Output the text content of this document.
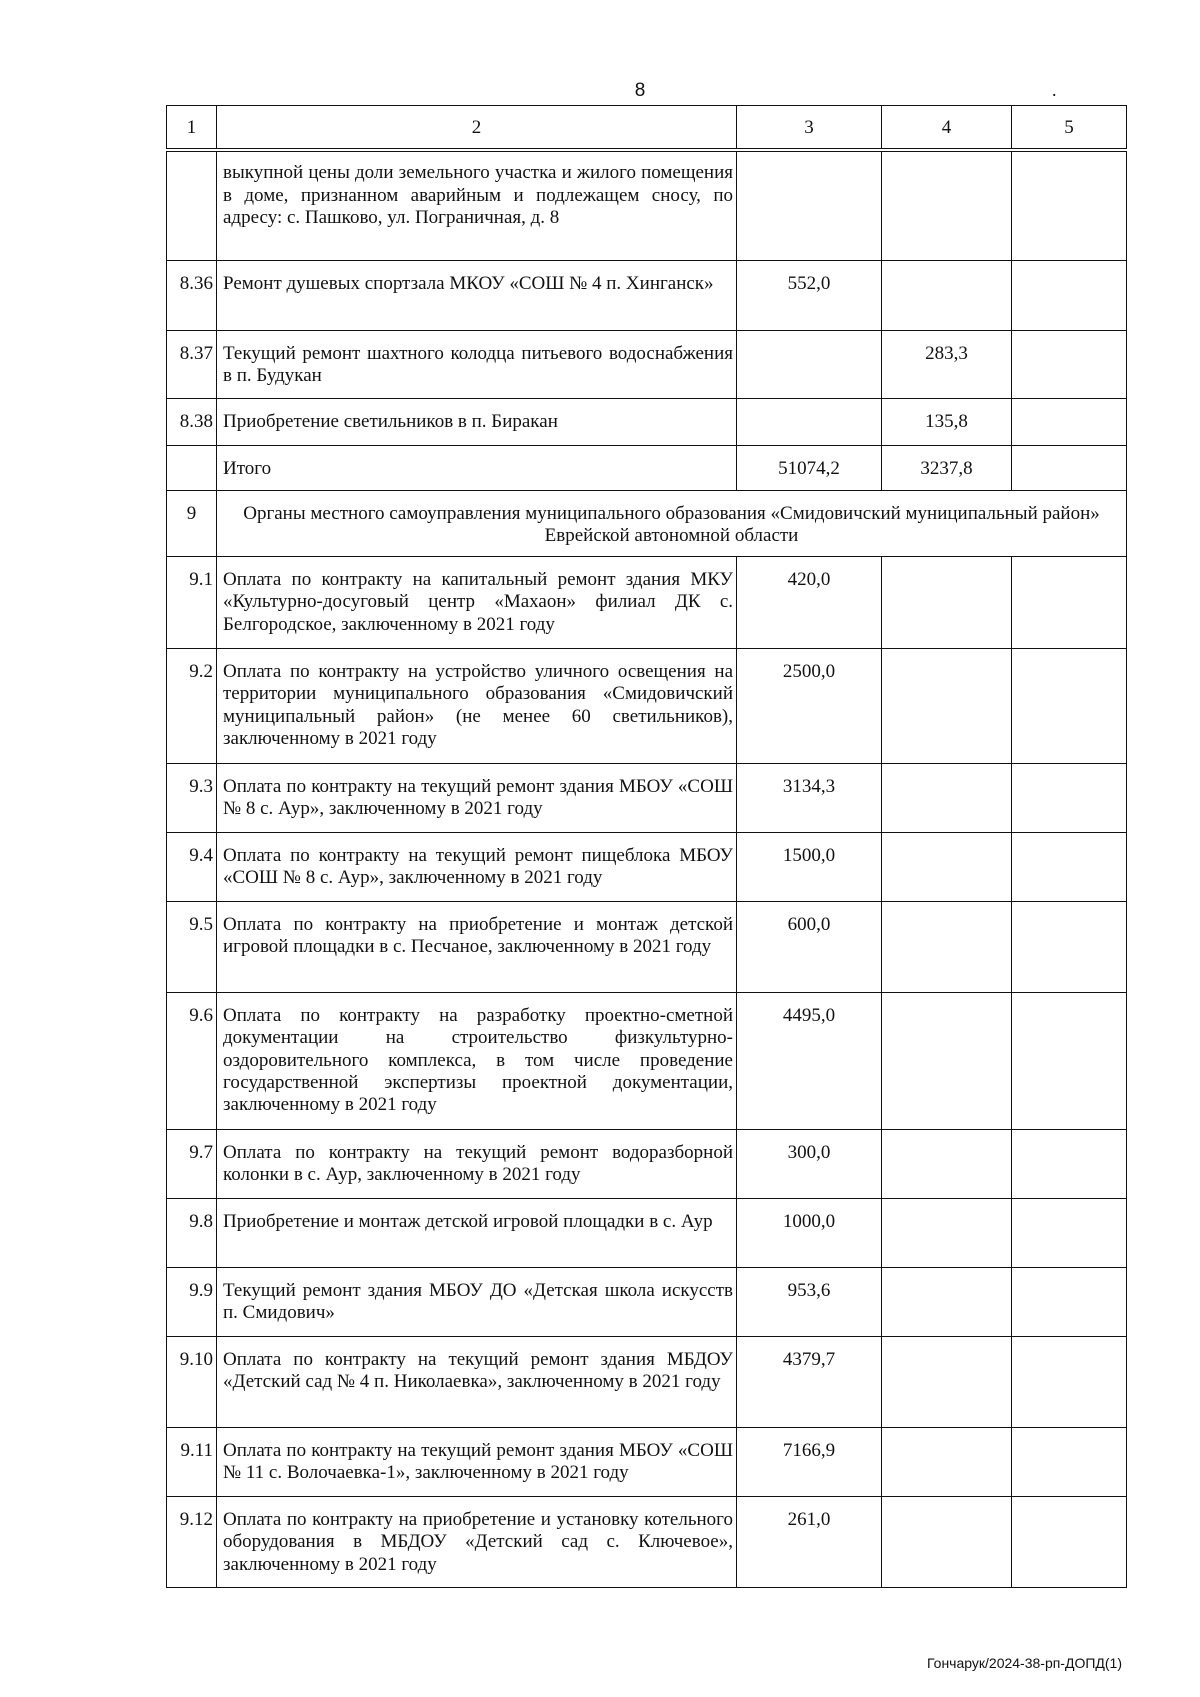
8	.
1	2	3	4	5
	выкупной цены доли земельного участка и жилого помещения в доме, признанном аварийным и подлежащем сносу, по адресу: с. Пашково, ул. Пограничная, д. 8			
8.36	Ремонт душевых спортзала МКОУ «СОШ № 4 п. Хинганск»	552,0		
8.37	Текущий ремонт шахтного колодца питьевого водоснабжения в п. Будукан		283,3	
8.38	Приобретение светильников в п. Биракан		135,8	
	Итого	51074,2	3237,8	
9	Органы местного самоуправления муниципального образования «Смидовичский муниципальный район» Еврейской автономной области			
9.1	Оплата по контракту на капитальный ремонт здания МКУ «Культурно-досуговый центр «Махаон» филиал ДК с. Белгородское, заключенному в 2021 году	420,0		
9.2	Оплата по контракту на устройство уличного освещения на территории муниципального образования «Смидовичский муниципальный район» (не менее 60 светильников), заключенному в 2021 году	2500,0		
9.3	Оплата по контракту на текущий ремонт здания МБОУ «СОШ № 8 с. Аур», заключенному в 2021 году	3134,3		
9.4	Оплата по контракту на текущий ремонт пищеблока МБОУ «СОШ № 8 с. Аур», заключенному в 2021 году	1500,0		
9.5	Оплата по контракту на приобретение и монтаж детской игровой площадки в с. Песчаное, заключенному в 2021 году	600,0		
9.6	Оплата по контракту на разработку проектно-сметной документации на строительство физкультурно-оздоровительного комплекса, в том числе проведение государственной экспертизы проектной документации, заключенному в 2021 году	4495,0		
9.7	Оплата по контракту на текущий ремонт водоразборной колонки в с. Аур, заключенному в 2021 году	300,0		
9.8	Приобретение и монтаж детской игровой площадки в с. Аур	1000,0		
9.9	Текущий ремонт здания МБОУ ДО «Детская школа искусств п. Смидович»	953,6		
9.10	Оплата по контракту на текущий ремонт здания МБДОУ «Детский сад № 4 п. Николаевка», заключенному в 2021 году	4379,7		
9.11	Оплата по контракту на текущий ремонт здания МБОУ «СОШ № 11 с. Волочаевка-1», заключенному в 2021 году	7166,9		
9.12	Оплата по контракту на приобретение и установку котельного оборудования в МБДОУ «Детский сад с. Ключевое», заключенному в 2021 году	261,0		
Гончарук/2024-38-рп-ДОПД(1)
